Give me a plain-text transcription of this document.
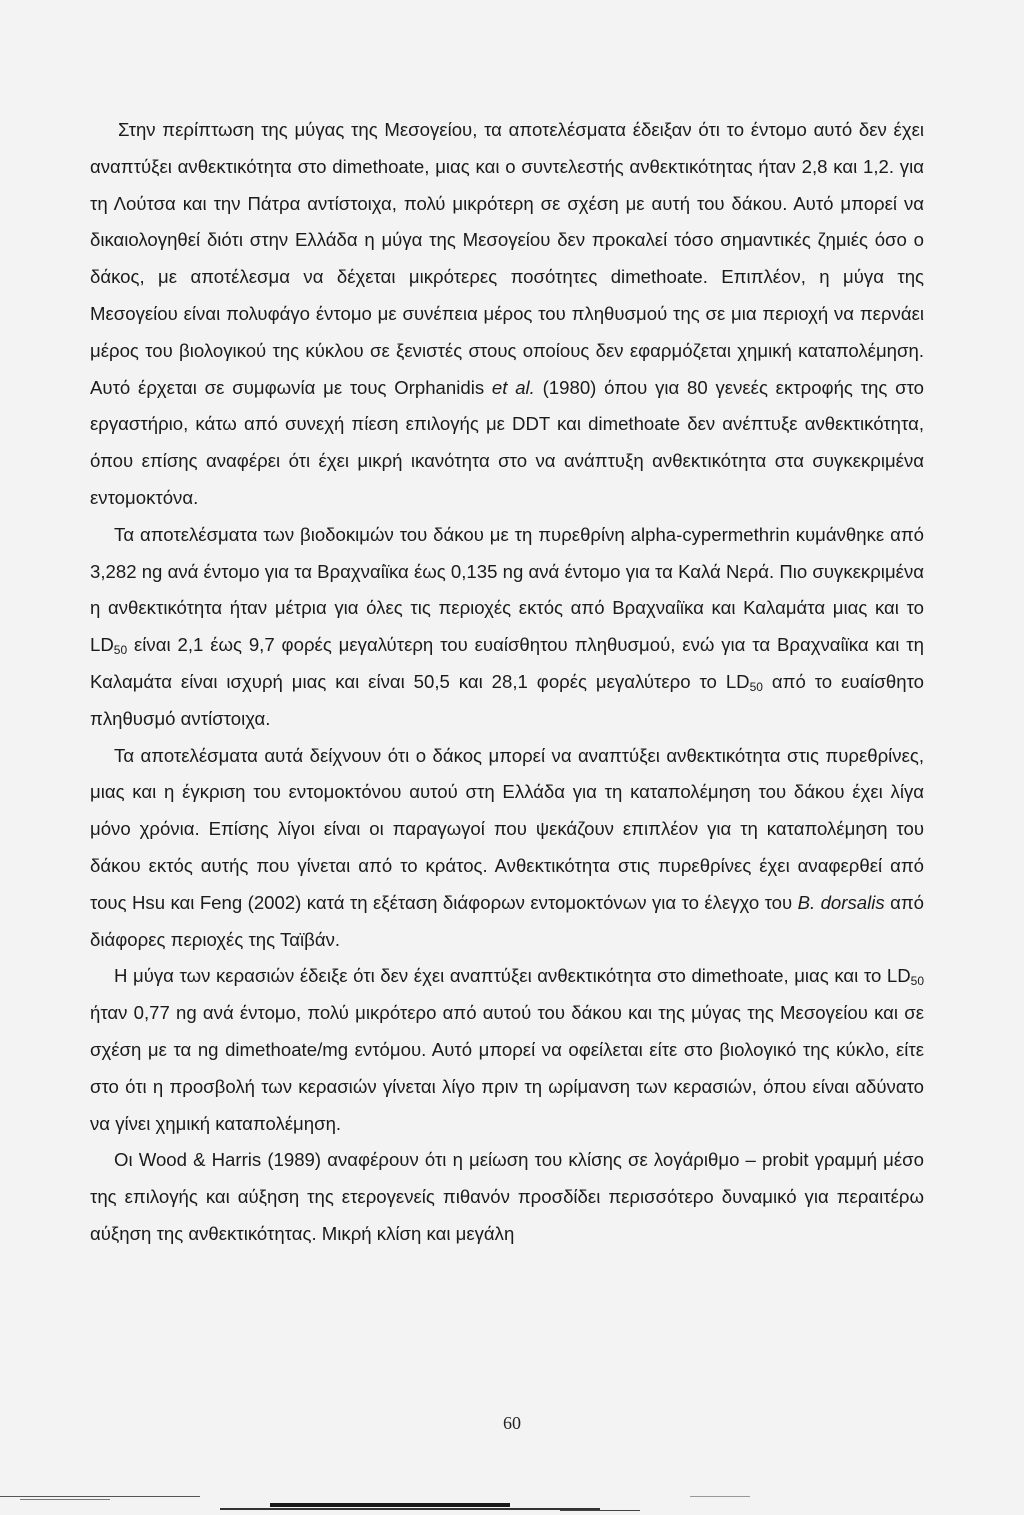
Στην περίπτωση της μύγας της Μεσογείου, τα αποτελέσματα έδειξαν ότι το έντομο αυτό δεν έχει αναπτύξει ανθεκτικότητα στο dimethoate, μιας και ο συντελεστής ανθεκτικότητας ήταν 2,8 και 1,2. για τη Λούτσα και την Πάτρα αντίστοιχα, πολύ μικρότερη σε σχέση με αυτή του δάκου. Αυτό μπορεί να δικαιολογηθεί διότι στην Ελλάδα η μύγα της Μεσογείου δεν προκαλεί τόσο σημαντικές ζημιές όσο ο δάκος, με αποτέλεσμα να δέχεται μικρότερες ποσότητες dimethoate. Επιπλέον, η μύγα της Μεσογείου είναι πολυφάγο έντομο με συνέπεια μέρος του πληθυσμού της σε μια περιοχή να περνάει μέρος του βιολογικού της κύκλου σε ξενιστές στους οποίους δεν εφαρμόζεται χημική καταπολέμηση. Αυτό έρχεται σε συμφωνία με τους Orphanidis et al. (1980) όπου για 80 γενεές εκτροφής της στο εργαστήριο, κάτω από συνεχή πίεση επιλογής με DDT και dimethoate δεν ανέπτυξε ανθεκτικότητα, όπου επίσης αναφέρει ότι έχει μικρή ικανότητα στο να ανάπτυξη ανθεκτικότητα στα συγκεκριμένα εντομοκτόνα.

Τα αποτελέσματα των βιοδοκιμών του δάκου με τη πυρεθρίνη alpha-cypermethrin κυμάνθηκε από 3,282 ng ανά έντομο για τα Βραχναίϊκα έως 0,135 ng ανά έντομο για τα Καλά Νερά. Πιο συγκεκριμένα η ανθεκτικότητα ήταν μέτρια για όλες τις περιοχές εκτός από Βραχναίϊκα και Καλαμάτα μιας και το $LD_{50}$ είναι 2,1 έως 9,7 φορές μεγαλύτερη του ευαίσθητου πληθυσμού, ενώ για τα Βραχναίϊκα και τη Καλαμάτα είναι ισχυρή μιας και είναι 50,5 και 28,1 φορές μεγαλύτερο το $LD_{50}$ από το ευαίσθητο πληθυσμό αντίστοιχα.

Τα αποτελέσματα αυτά δείχνουν ότι ο δάκος μπορεί να αναπτύξει ανθεκτικότητα στις πυρεθρίνες, μιας και η έγκριση του εντομοκτόνου αυτού στη Ελλάδα για τη καταπολέμηση του δάκου έχει λίγα μόνο χρόνια. Επίσης λίγοι είναι οι παραγωγοί που ψεκάζουν επιπλέον για τη καταπολέμηση του δάκου εκτός αυτής που γίνεται από το κράτος. Ανθεκτικότητα στις πυρεθρίνες έχει αναφερθεί από τους Hsu και Feng (2002) κατά τη εξέταση διάφορων εντομοκτόνων για το έλεγχο του B. dorsalis από διάφορες περιοχές της Ταϊβάν.

Η μύγα των κερασιών έδειξε ότι δεν έχει αναπτύξει ανθεκτικότητα στο dimethoate, μιας και το $LD_{50}$ ήταν 0,77 ng ανά έντομο, πολύ μικρότερο από αυτού του δάκου και της μύγας της Μεσογείου και σε σχέση με τα ng dimethoate/mg εντόμου. Αυτό μπορεί να οφείλεται είτε στο βιολογικό της κύκλο, είτε στο ότι η προσβολή των κερασιών γίνεται λίγο πριν τη ωρίμανση των κερασιών, όπου είναι αδύνατο να γίνει χημική καταπολέμηση.

Οι Wood & Harris (1989) αναφέρουν ότι η μείωση του κλίσης σε λογάριθμο – probit γραμμή μέσο της επιλογής και αύξηση της ετερογενείς πιθανόν προσδίδει περισσότερο δυναμικό για περαιτέρω αύξηση της ανθεκτικότητας. Μικρή κλίση και μεγάλη

60
